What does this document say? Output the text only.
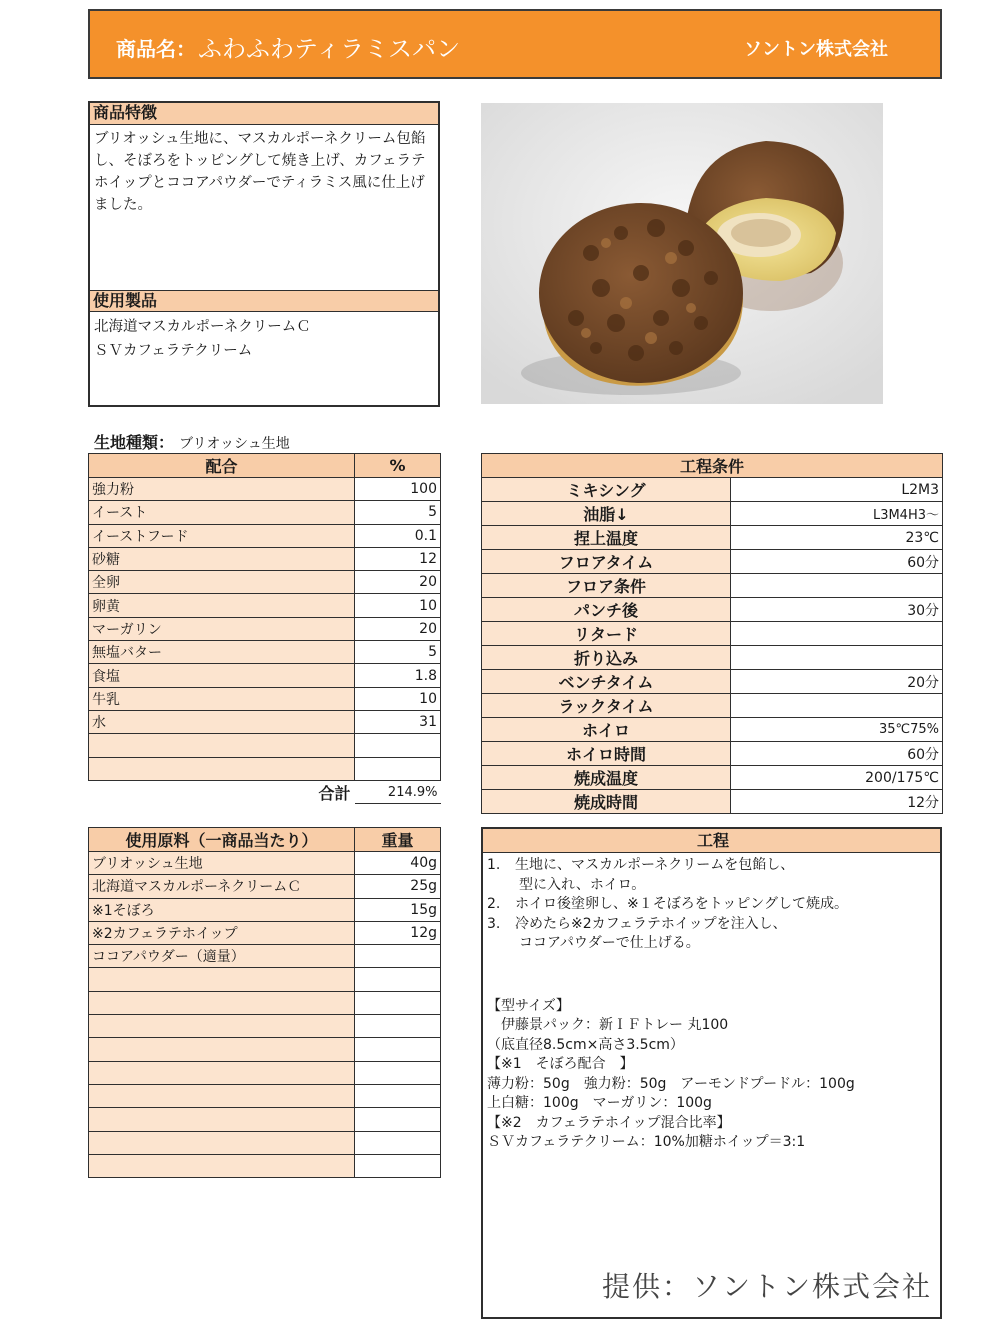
商品名： ふわふわティラミスパン	ソントン株式会社
商品特徴
ブリオッシュ生地に、マスカルポーネクリーム包餡し、そぼろをトッピングして焼き上げ、カフェラテホイップとココアパウダーでティラミス風に仕上げました。
使用製品
北海道マスカルポーネクリームＣ
ＳＶカフェラテクリーム
生地種類： ブリオッシュ生地
配合	%
強力粉	100
イースト	5
イーストフード	0.1
砂糖	12
全卵	20
卵黄	10
マーガリン	20
無塩バター	5
食塩	1.8
牛乳	10
水	31

合計	214.9%
工程条件	
ミキシング	L2M3
油脂↓	L3M4H3～
捏上温度	23℃
フロアタイム	60分
フロア条件	
パンチ後	30分
リタード	
折り込み	
ベンチタイム	20分
ラックタイム	
ホイロ	35℃75%
ホイロ時間	60分
焼成温度	200/175℃
焼成時間	12分
使用原料（一商品当たり）	重量
ブリオッシュ生地	40g
北海道マスカルポーネクリームＣ	25g
※1そぼろ	15g
※2カフェラテホイップ	12g
ココアパウダー（適量）	

工程
1.	生地に、マスカルポーネクリームを包餡し、
型に入れ、ホイロ。
2.	ホイロ後塗卵し、※１そぼろをトッピングして焼成。
3.	冷めたら※2カフェラテホイップを注入し、
ココアパウダーで仕上げる。
【型サイズ】
　伊藤景パック：新ＩＦトレー 丸100
（底直径8.5cm×高さ3.5cm）
【※1　そぼろ配合　】
薄力粉：50g　強力粉：50g　アーモンドプードル：100g
上白糖：100g　マーガリン：100g
【※2　カフェラテホイップ混合比率】
ＳＶカフェラテクリーム：10%加糖ホイップ＝3:1
提供：ソントン株式会社
